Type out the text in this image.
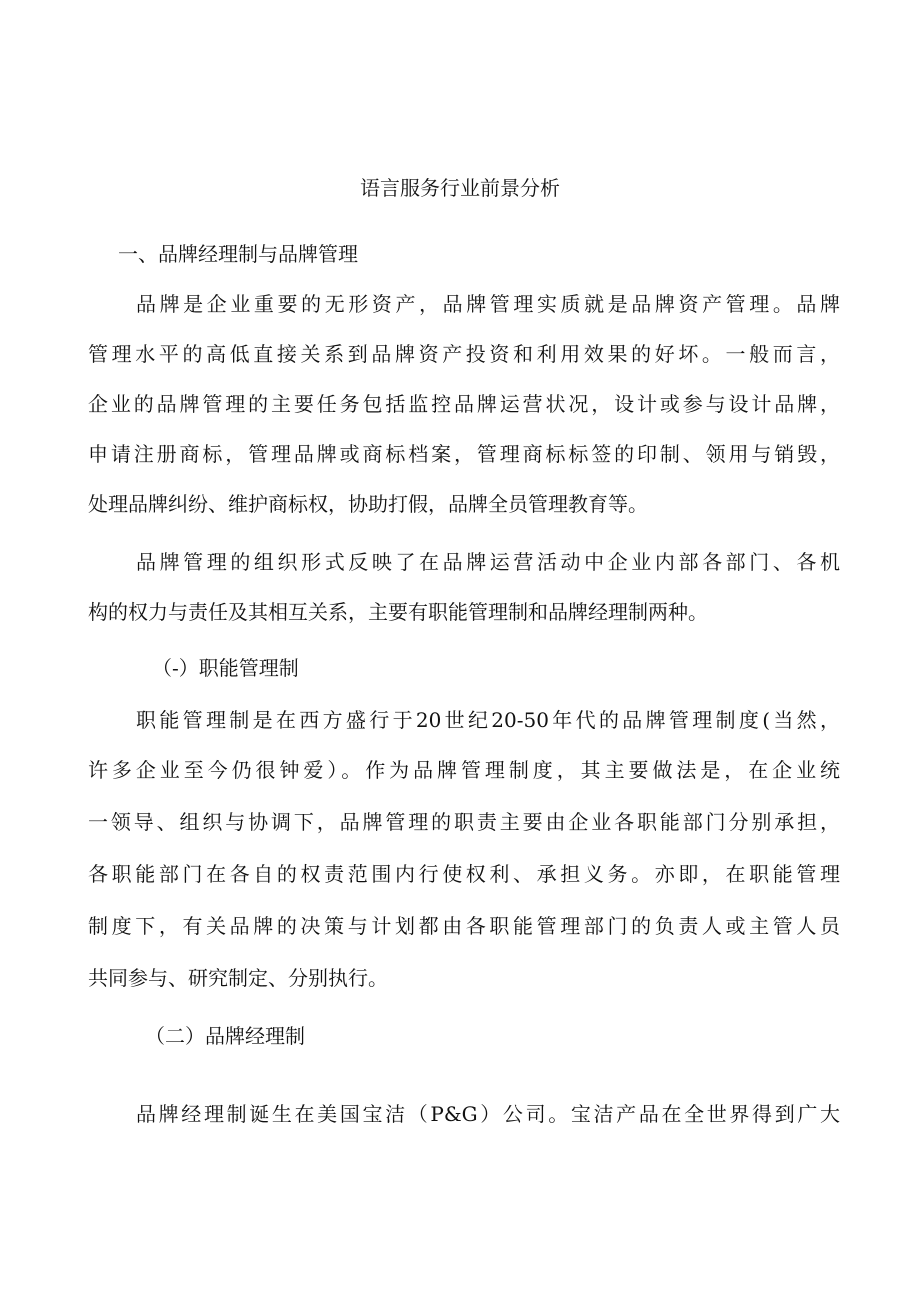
语言服务行业前景分析
一、品牌经理制与品牌管理
品牌是企业重要的无形资产，品牌管理实质就是品牌资产管理。品牌
管理水平的高低直接关系到品牌资产投资和利用效果的好坏。一般而言，
企业的品牌管理的主要任务包括监控品牌运营状况，设计或参与设计品牌，
申请注册商标，管理品牌或商标档案，管理商标标签的印制、领用与销毁，
处理品牌纠纷、维护商标权，协助打假，品牌全员管理教育等。
品牌管理的组织形式反映了在品牌运营活动中企业内部各部门、各机
构的权力与责任及其相互关系，主要有职能管理制和品牌经理制两种。
（-）职能管理制
职能管理制是在西方盛行于20世纪20-50年代的品牌管理制度(当然，
许多企业至今仍很钟爱）。作为品牌管理制度，其主要做法是，在企业统
一领导、组织与协调下，品牌管理的职责主要由企业各职能部门分别承担，
各职能部门在各自的权责范围内行使权利、承担义务。亦即，在职能管理
制度下，有关品牌的决策与计划都由各职能管理部门的负责人或主管人员
共同参与、研究制定、分别执行。
（二）品牌经理制
品牌经理制诞生在美国宝洁（P&G）公司。宝洁产品在全世界得到广大
